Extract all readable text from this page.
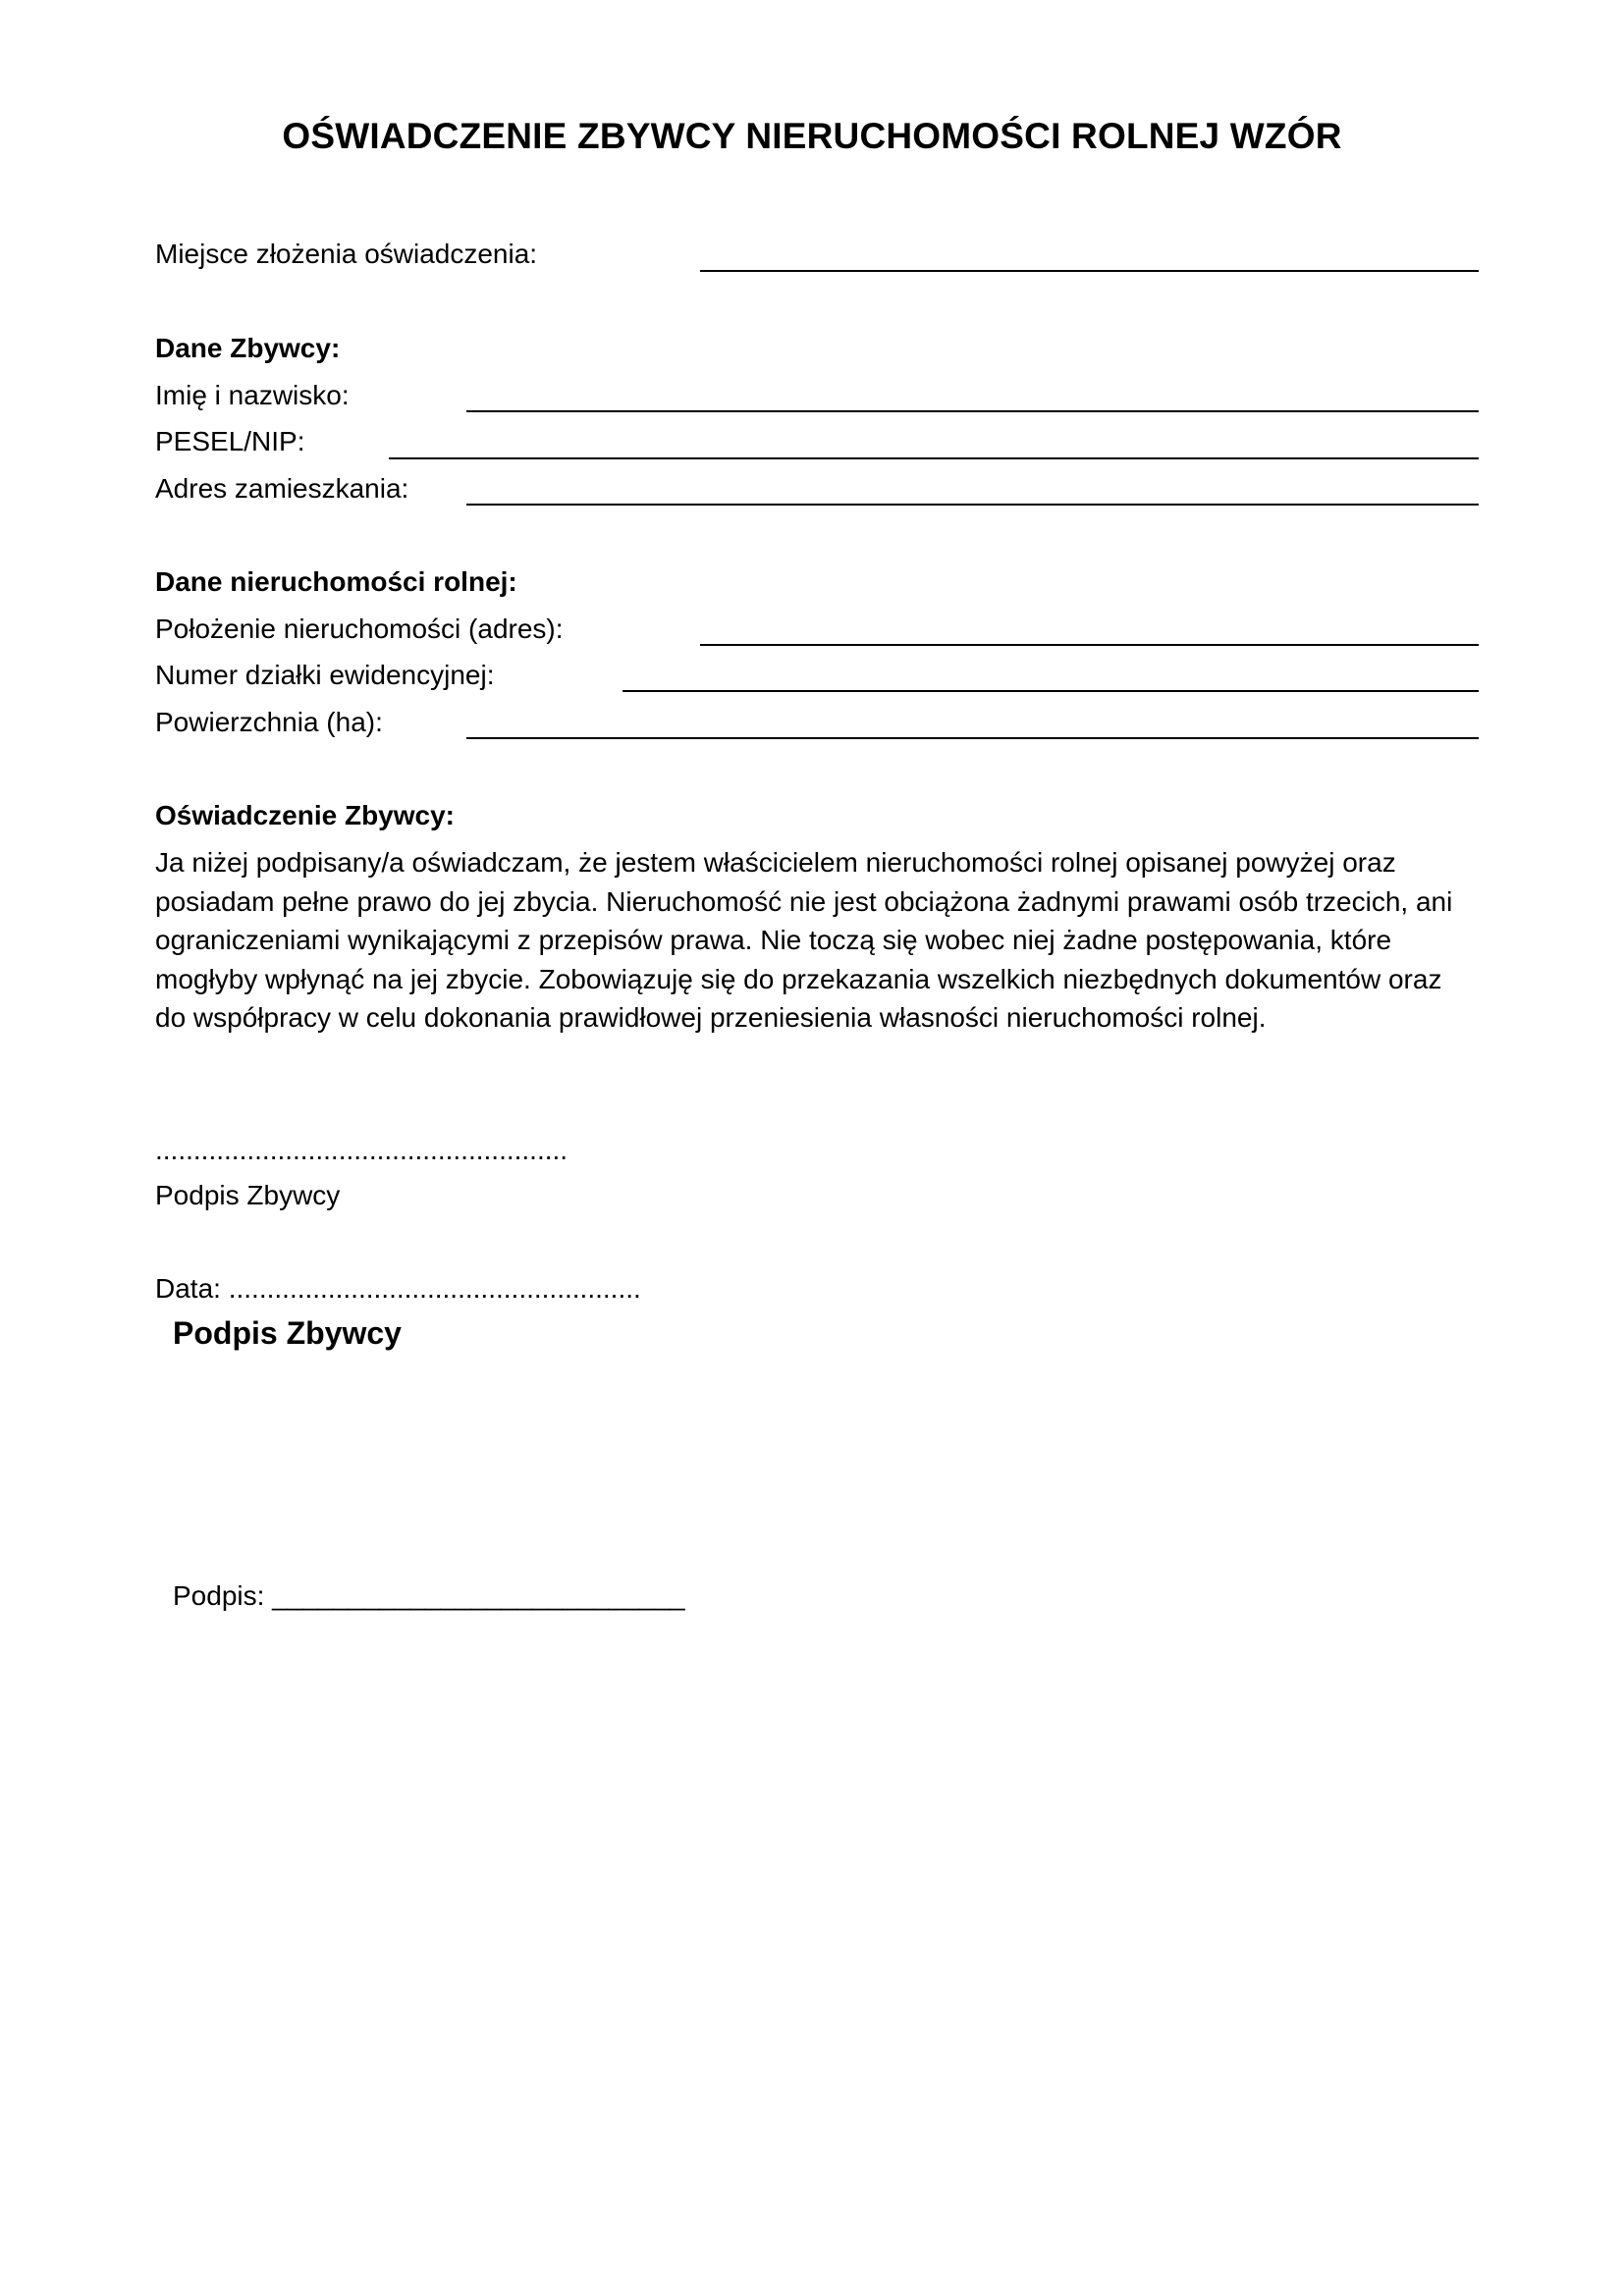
OŚWIADCZENIE ZBYWCY NIERUCHOMOŚCI ROLNEJ WZÓR
Miejsce złożenia oświadczenia:
Dane Zbywcy:
Imię i nazwisko:
PESEL/NIP:
Adres zamieszkania:
Dane nieruchomości rolnej:
Położenie nieruchomości (adres):
Numer działki ewidencyjnej:
Powierzchnia (ha):
Oświadczenie Zbywcy:
Ja niżej podpisany/a oświadczam, że jestem właścicielem nieruchomości rolnej opisanej powyżej oraz
posiadam pełne prawo do jej zbycia. Nieruchomość nie jest obciążona żadnymi prawami osób trzecich, ani
ograniczeniami wynikającymi z przepisów prawa. Nie toczą się wobec niej żadne postępowania, które
mogłyby wpłynąć na jej zbycie. Zobowiązuję się do przekazania wszelkich niezbędnych dokumentów oraz
do współpracy w celu dokonania prawidłowej przeniesienia własności nieruchomości rolnej.
......................................................
Podpis Zbywcy
Data: ......................................................
Podpis Zbywcy
Podpis: ___________________________
